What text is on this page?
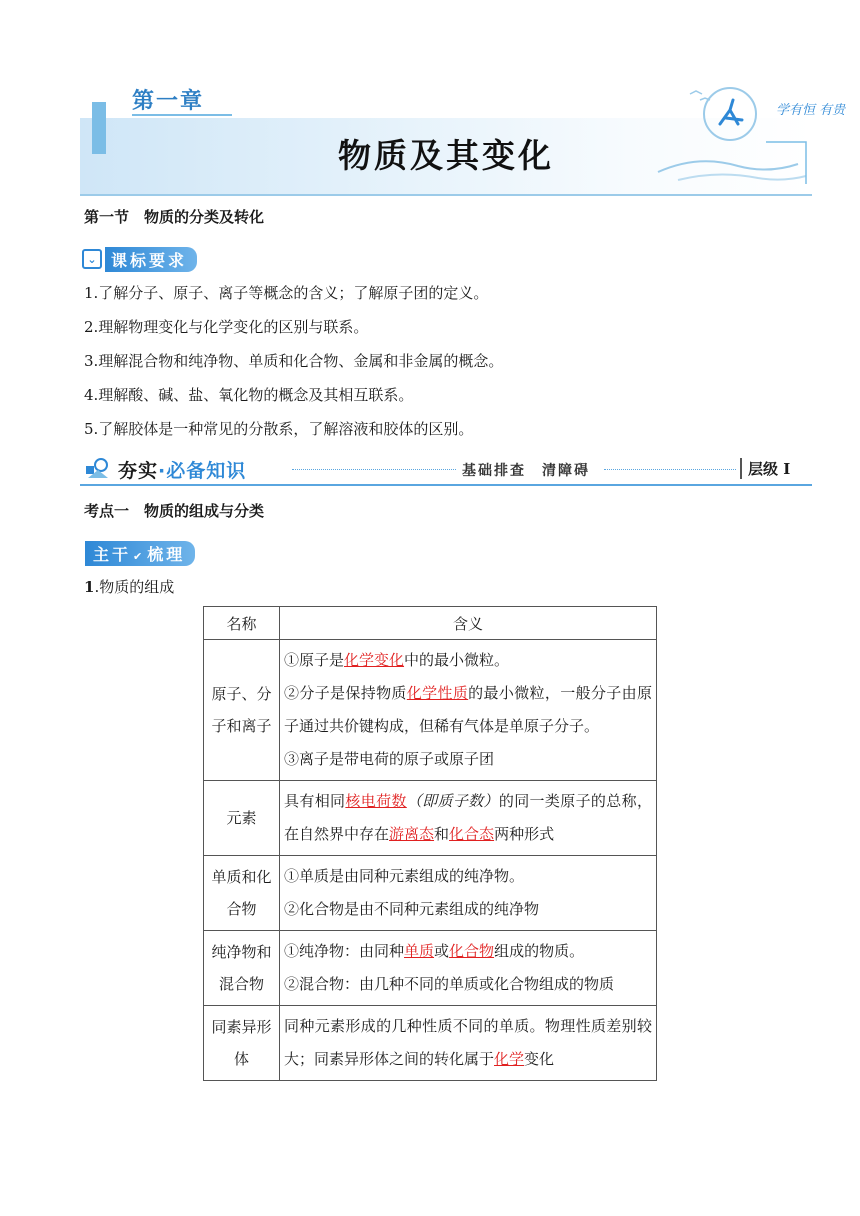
第一章
物质及其变化
学有恒 有贵
第一节　物质的分类及转化
⌄ 课标要求
1.了解分子、原子、离子等概念的含义；了解原子团的定义。
2.理解物理变化与化学变化的区别与联系。
3.理解混合物和纯净物、单质和化合物、金属和非金属的概念。
4.理解酸、碱、盐、氧化物的概念及其相互联系。
5.了解胶体是一种常见的分散系，了解溶液和胶体的区别。
夯实·必备知识	基础排查　清障碍	层级 Ⅰ
考点一　物质的组成与分类
主干 ✔ 梳理
1.物质的组成
名称	含义
原子、分子和离子	①原子是化学变化中的最小微粒。
②分子是保持物质化学性质的最小微粒，一般分子由原子通过共价键构成，但稀有气体是单原子分子。
③离子是带电荷的原子或原子团
元素	具有相同核电荷数（即质子数）的同一类原子的总称，在自然界中存在游离态和化合态两种形式
单质和化合物	①单质是由同种元素组成的纯净物。
②化合物是由不同种元素组成的纯净物
纯净物和混合物	①纯净物：由同种单质或化合物组成的物质。
②混合物：由几种不同的单质或化合物组成的物质
同素异形体	同种元素形成的几种性质不同的单质。物理性质差别较大；同素异形体之间的转化属于化学变化
